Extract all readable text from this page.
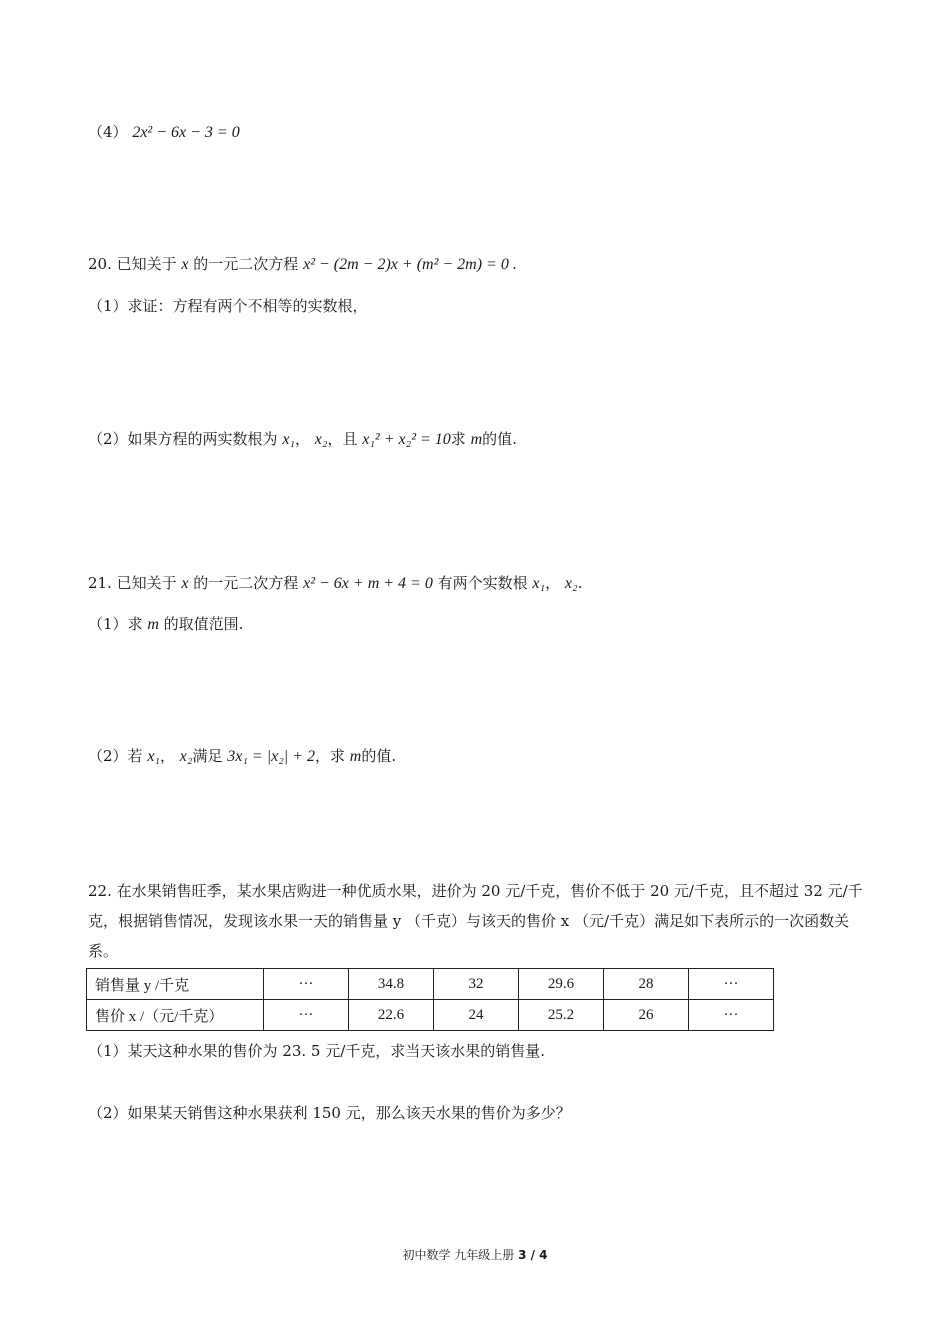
（4） 2x² − 6x − 3 = 0
20. 已知关于 x 的一元二次方程 x² − (2m − 2)x + (m² − 2m) = 0 .
（1）求证：方程有两个不相等的实数根，
（2）如果方程的两实数根为 x₁， x₂，且 x₁² + x₂² = 10求 m的值.
21. 已知关于 x 的一元二次方程 x² − 6x + m + 4 = 0 有两个实数根 x₁， x₂.
（1）求 m 的取值范围.
（2）若 x₁， x₂满足 3x₁ = |x₂| + 2，求 m的值.
22. 在水果销售旺季，某水果店购进一种优质水果，进价为 20 元/千克，售价不低于 20 元/千克，且不超过 32 元/千克，根据销售情况，发现该水果一天的销售量 y （千克）与该天的售价 x （元/千克）满足如下表所示的一次函数关系。
销售量 y /千克	···	34.8	32	29.6	28	···
售价 x /（元/千克）	···	22.6	24	25.2	26	···
（1）某天这种水果的售价为 23. 5 元/千克，求当天该水果的销售量.
（2）如果某天销售这种水果获利 150 元，那么该天水果的售价为多少？
初中数学 九年级上册 3 / 4
